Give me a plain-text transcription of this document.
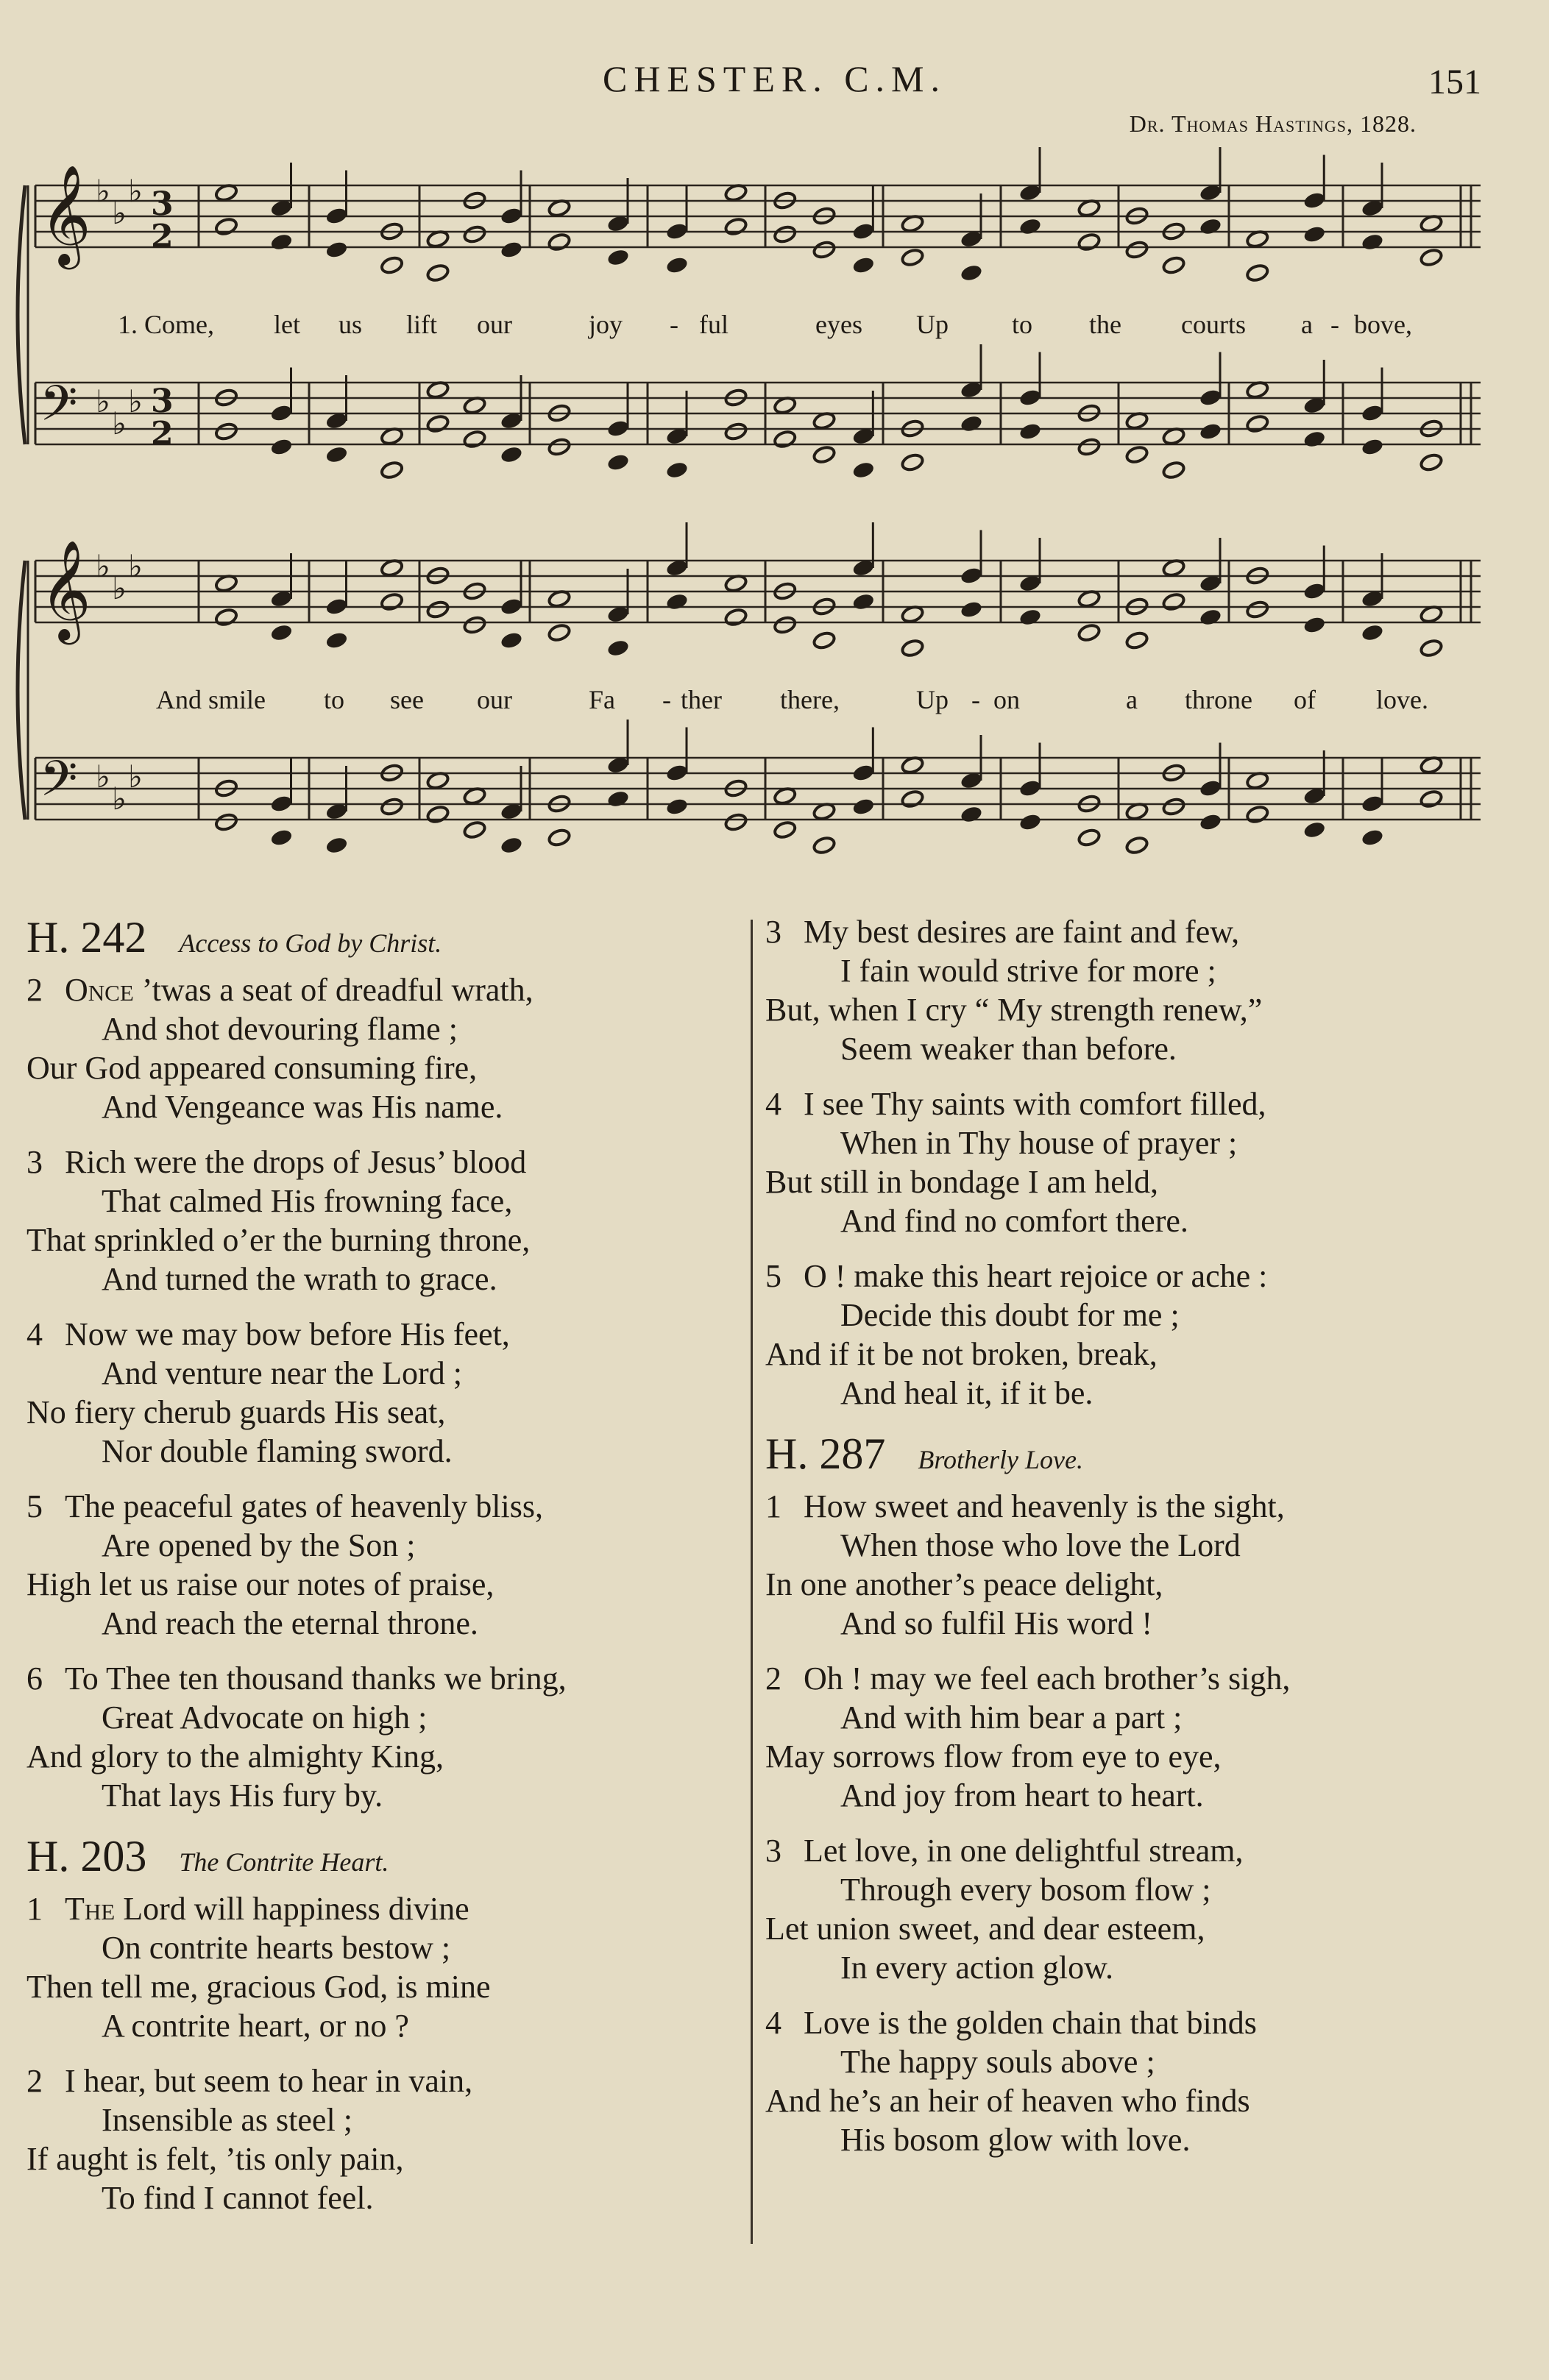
CHESTER. C.M.	151
Dr. Thomas Hastings, 1828.
𝄞 ♭
♭
♭ 3
2
𝄢 ♭
♭
♭ 3
2
𝄞 ♭
♭
♭
𝄢 ♭
♭
♭
1. Come, let us lift our	joy - ful	eyes Up to the courts a - bove,
And smile to see our	Fa - ther there,	Up - on	a throne of love.
H. 242 Access to God by Christ.
2 Once ’twas a seat of dreadful wrath,
And shot devouring flame ;
Our God appeared consuming fire,
And Vengeance was His name.
3 Rich were the drops of Jesus’ blood
That calmed His frowning face,
That sprinkled o’er the burning throne,
And turned the wrath to grace.
4 Now we may bow before His feet,
And venture near the Lord ;
No fiery cherub guards His seat,
Nor double flaming sword.
5 The peaceful gates of heavenly bliss,
Are opened by the Son ;
High let us raise our notes of praise,
And reach the eternal throne.
6 To Thee ten thousand thanks we bring,
Great Advocate on high ;
And glory to the almighty King,
That lays His fury by.
H. 203 The Contrite Heart.
1 The Lord will happiness divine
On contrite hearts bestow ;
Then tell me, gracious God, is mine
A contrite heart, or no ?
2 I hear, but seem to hear in vain,
Insensible as steel ;
If aught is felt, ’tis only pain,
To find I cannot feel.
3 My best desires are faint and few,
I fain would strive for more ;
But, when I cry “ My strength renew,”
Seem weaker than before.
4 I see Thy saints with comfort filled,
When in Thy house of prayer ;
But still in bondage I am held,
And find no comfort there.
5 O ! make this heart rejoice or ache :
Decide this doubt for me ;
And if it be not broken, break,
And heal it, if it be.
H. 287 Brotherly Love.
1 How sweet and heavenly is the sight,
When those who love the Lord
In one another’s peace delight,
And so fulfil His word !
2 Oh ! may we feel each brother’s sigh,
And with him bear a part ;
May sorrows flow from eye to eye,
And joy from heart to heart.
3 Let love, in one delightful stream,
Through every bosom flow ;
Let union sweet, and dear esteem,
In every action glow.
4 Love is the golden chain that binds
The happy souls above ;
And he’s an heir of heaven who finds
His bosom glow with love.
